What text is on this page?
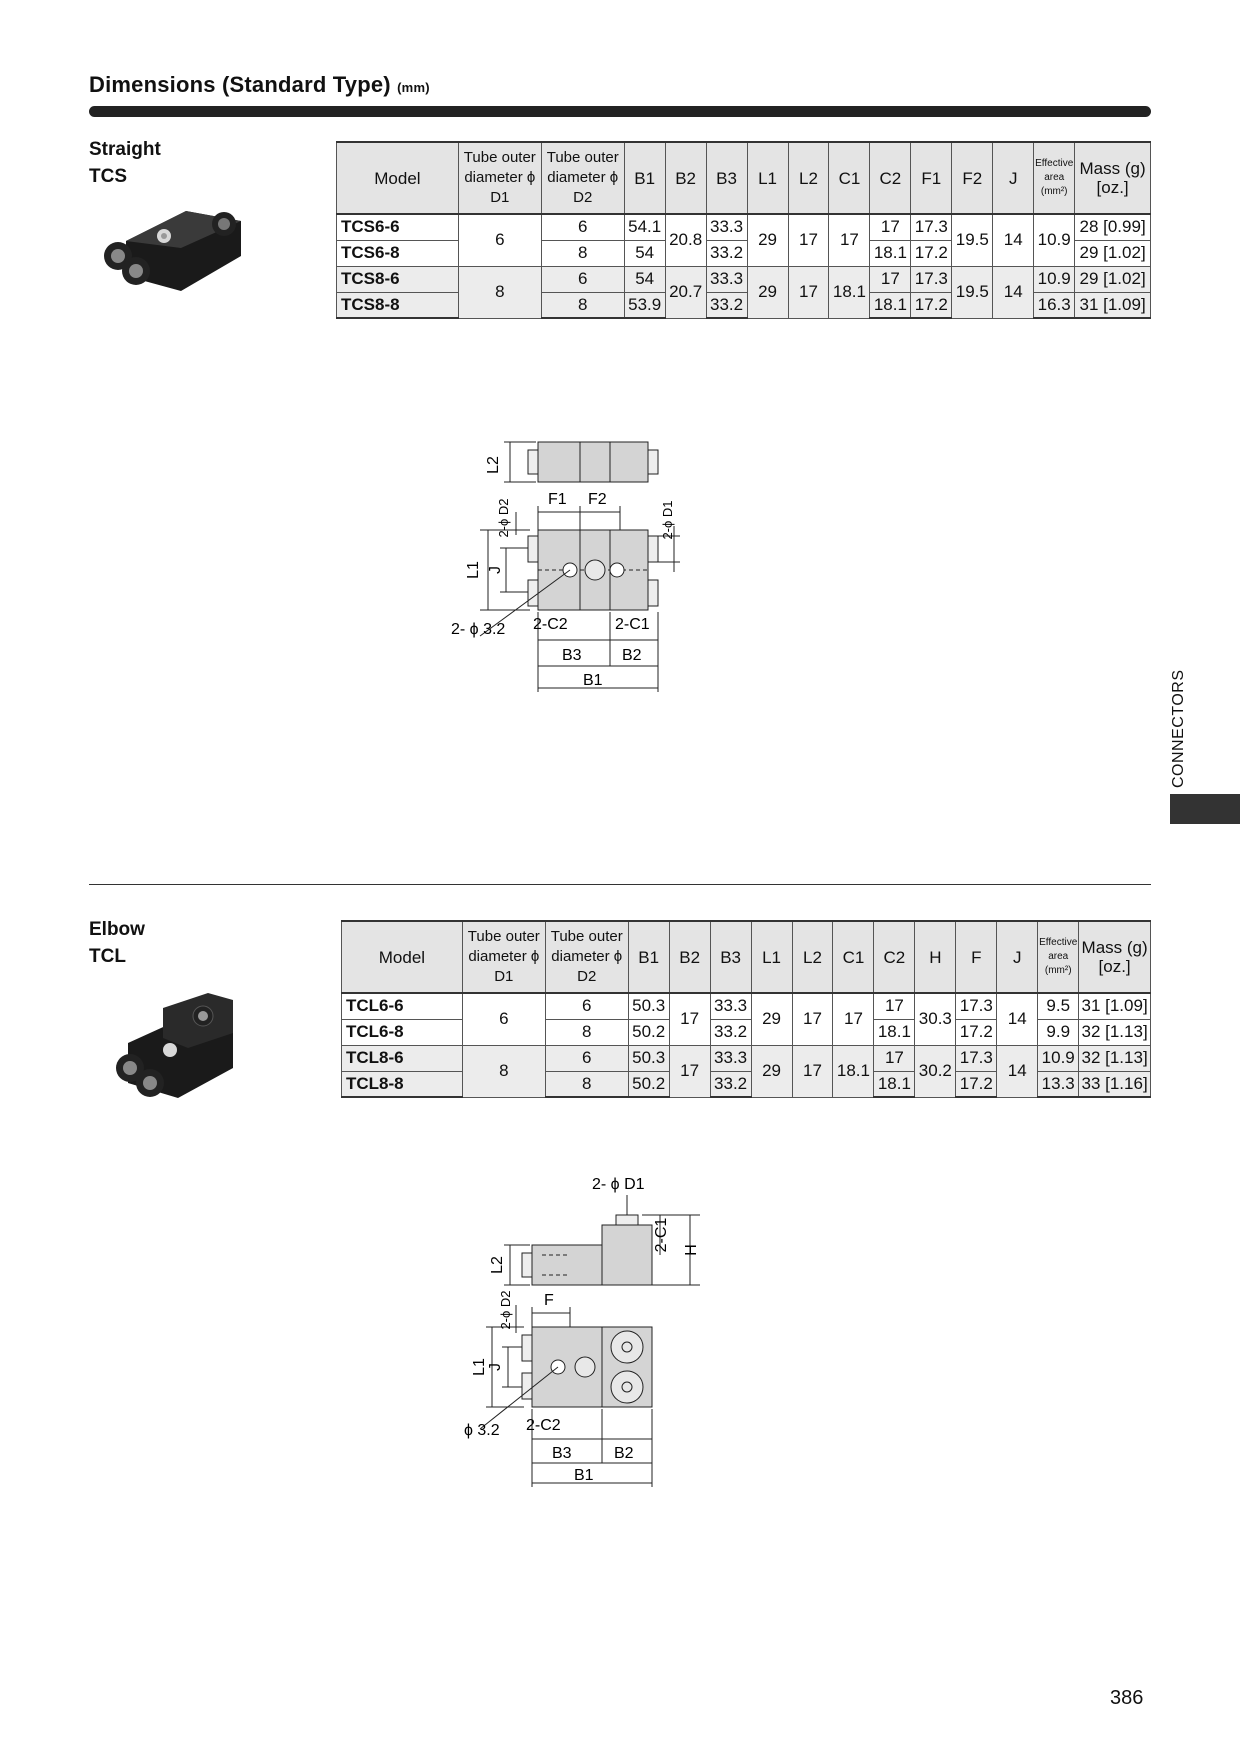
Dimensions (Standard Type) (mm)
Straight
TCS	Model	Tube outer diameter ϕ D1	Tube outer diameter ϕ D2	B1	B2	B3	L1	L2	C1	C2	F1	F2	J	Effective area (mm²)	Mass (g) [oz.]
TCS6-6	6	6	54.1	20.8	33.3	29	17	17	17	17.3	19.5	14	10.9	28 [0.99]
TCS6-8		8	54		33.2				18.1	17.2				29 [1.02]
TCS8-6	8	6	54	20.7	33.3	29	17	18.1	17	17.3	19.5	14	10.9	29 [1.02]
TCS8-8		8	53.9		33.2				18.1	17.2			16.3	31 [1.09]
L2
F1 F2
2-ϕ D2	2-ϕ D1
L1 J
2- ϕ 3.2 2-C2	2-C1
B3	B2
B1	CONNECTORS
Elbow
TCL	Model	Tube outer diameter ϕ D1	Tube outer diameter ϕ D2	B1	B2	B3	L1	L2	C1	C2	H	F	J	Effective area (mm²)	Mass (g) [oz.]
TCL6-6	6	6	50.3	17	33.3	29	17	17	17	30.3	17.3	14	9.5	31 [1.09]
TCL6-8		8	50.2		33.2				18.1		17.2		9.9	32 [1.13]
TCL8-6	8	6	50.3	17	33.3	29	17	18.1	17	30.2	17.3	14	10.9	32 [1.13]
TCL8-8		8	50.2		33.2				18.1		17.2		13.3	33 [1.16]
2- ϕ D1
2-C1 H
L2
2-ϕ D2 F
L1 J
ϕ 3.2 2-C2
B3	B2
B1
386
